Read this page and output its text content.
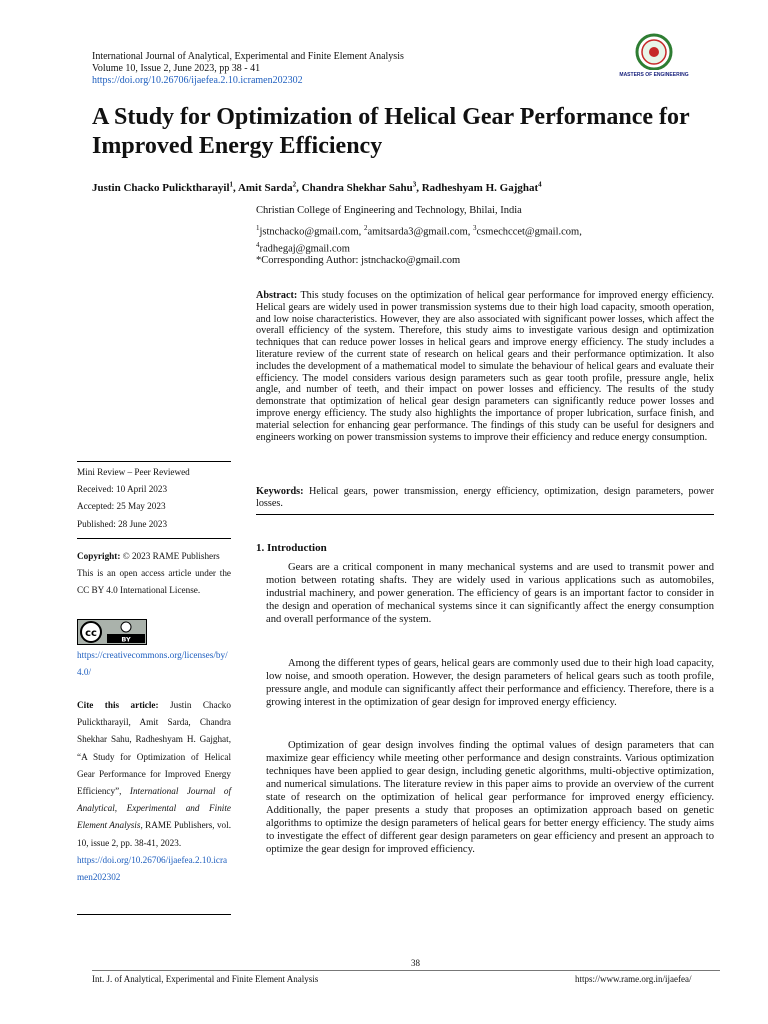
International Journal of Analytical, Experimental and Finite Element Analysis
Volume 10, Issue 2, June 2023, pp 38 - 41
https://doi.org/10.26706/ijaefea.2.10.icramen202302	MASTERS OF ENGINEERING
A Study for Optimization of Helical Gear Performance for Improved Energy Efficiency
Justin Chacko Pulicktharayil$^1$, Amit Sarda$^2$, Chandra Shekhar Sahu$^3$, Radheshyam H. Gajghat$^4$
Christian College of Engineering and Technology, Bhilai, India
$^1$jstnchacko@gmail.com, $^2$amitsarda3@gmail.com, $^3$csmechccet@gmail.com,
$^4$radhegaj@gmail.com
*Corresponding Author: jstnchacko@gmail.com

Abstract: This study focuses on the optimization of helical gear performance for improved energy efficiency. Helical gears are widely used in power transmission systems due to their high load capacity, smooth operation, and low noise characteristics. However, they are also associated with significant power losses, which affect the overall efficiency of the system. Therefore, this study aims to investigate various design and optimization techniques that can reduce power losses in helical gears and improve energy efficiency. The study includes a literature review of the current state of research on helical gears and their performance optimization. It also includes the development of a mathematical model to simulate the behaviour of helical gears and evaluate their efficiency. The model considers various design parameters such as gear tooth profile, pressure angle, helix angle, and number of teeth, and their impact on power losses and efficiency. The results of the study demonstrate that optimization of helical gear design parameters can significantly reduce power losses and improve energy efficiency. The study also highlights the importance of proper lubrication, surface finish, and material selection for enhancing gear performance. The findings of this study can be useful for designers and engineers working on power transmission systems to improve their efficiency and reduce energy consumption.

Keywords: Helical gears, power transmission, energy efficiency, optimization, design parameters, power losses.

Mini Review – Peer Reviewed

Received: 10 April 2023

Accepted: 25 May 2023

Published: 28 June 2023

Copyright: © 2023 RAME Publishers

This is an open access article under the CC BY 4.0 International License.

cc
BY
https://creativecommons.org/licenses/by/4.0/

Cite this article: Justin Chacko Pulicktharayil, Amit Sarda, Chandra Shekhar Sahu, Radheshyam H. Gajghat, “A Study for Optimization of Helical Gear Performance for Improved Energy Efficiency”, International Journal of Analytical, Experimental and Finite Element Analysis, RAME Publishers, vol. 10, issue 2, pp. 38-41, 2023.

https://doi.org/10.26706/ijaefea.2.10.icramen202302

1. Introduction

Gears are a critical component in many mechanical systems and are used to transmit power and motion between rotating shafts. They are widely used in various applications such as automobiles, industrial machinery, and power generation. The efficiency of gears is an important factor to consider in the design and operation of mechanical systems since it can significantly affect the energy consumption and overall performance of the system.

Among the different types of gears, helical gears are commonly used due to their high load capacity, low noise, and smooth operation. However, the design parameters of helical gears such as tooth profile, pressure angle, and module can significantly affect their performance and efficiency. Therefore, there is a growing interest in the optimization of gear design for improved energy efficiency.

Optimization of gear design involves finding the optimal values of design parameters that can maximize gear efficiency while meeting other performance and design constraints. Various optimization techniques have been applied to gear design, including genetic algorithms, multi-objective optimization, and numerical simulations. The literature review in this paper aims to provide an overview of the current state of research on the optimization of helical gear performance for improved energy efficiency. Additionally, the paper presents a study that proposes an optimization approach based on genetic algorithms to optimize the design parameters of helical gears for better energy efficiency. The study aims to investigate the effect of different gear design parameters on gear efficiency and present an approach to optimize the gear design for improved efficiency.

38
Int. J. of Analytical, Experimental and Finite Element Analysis	https://www.rame.org.in/ijaefea/
